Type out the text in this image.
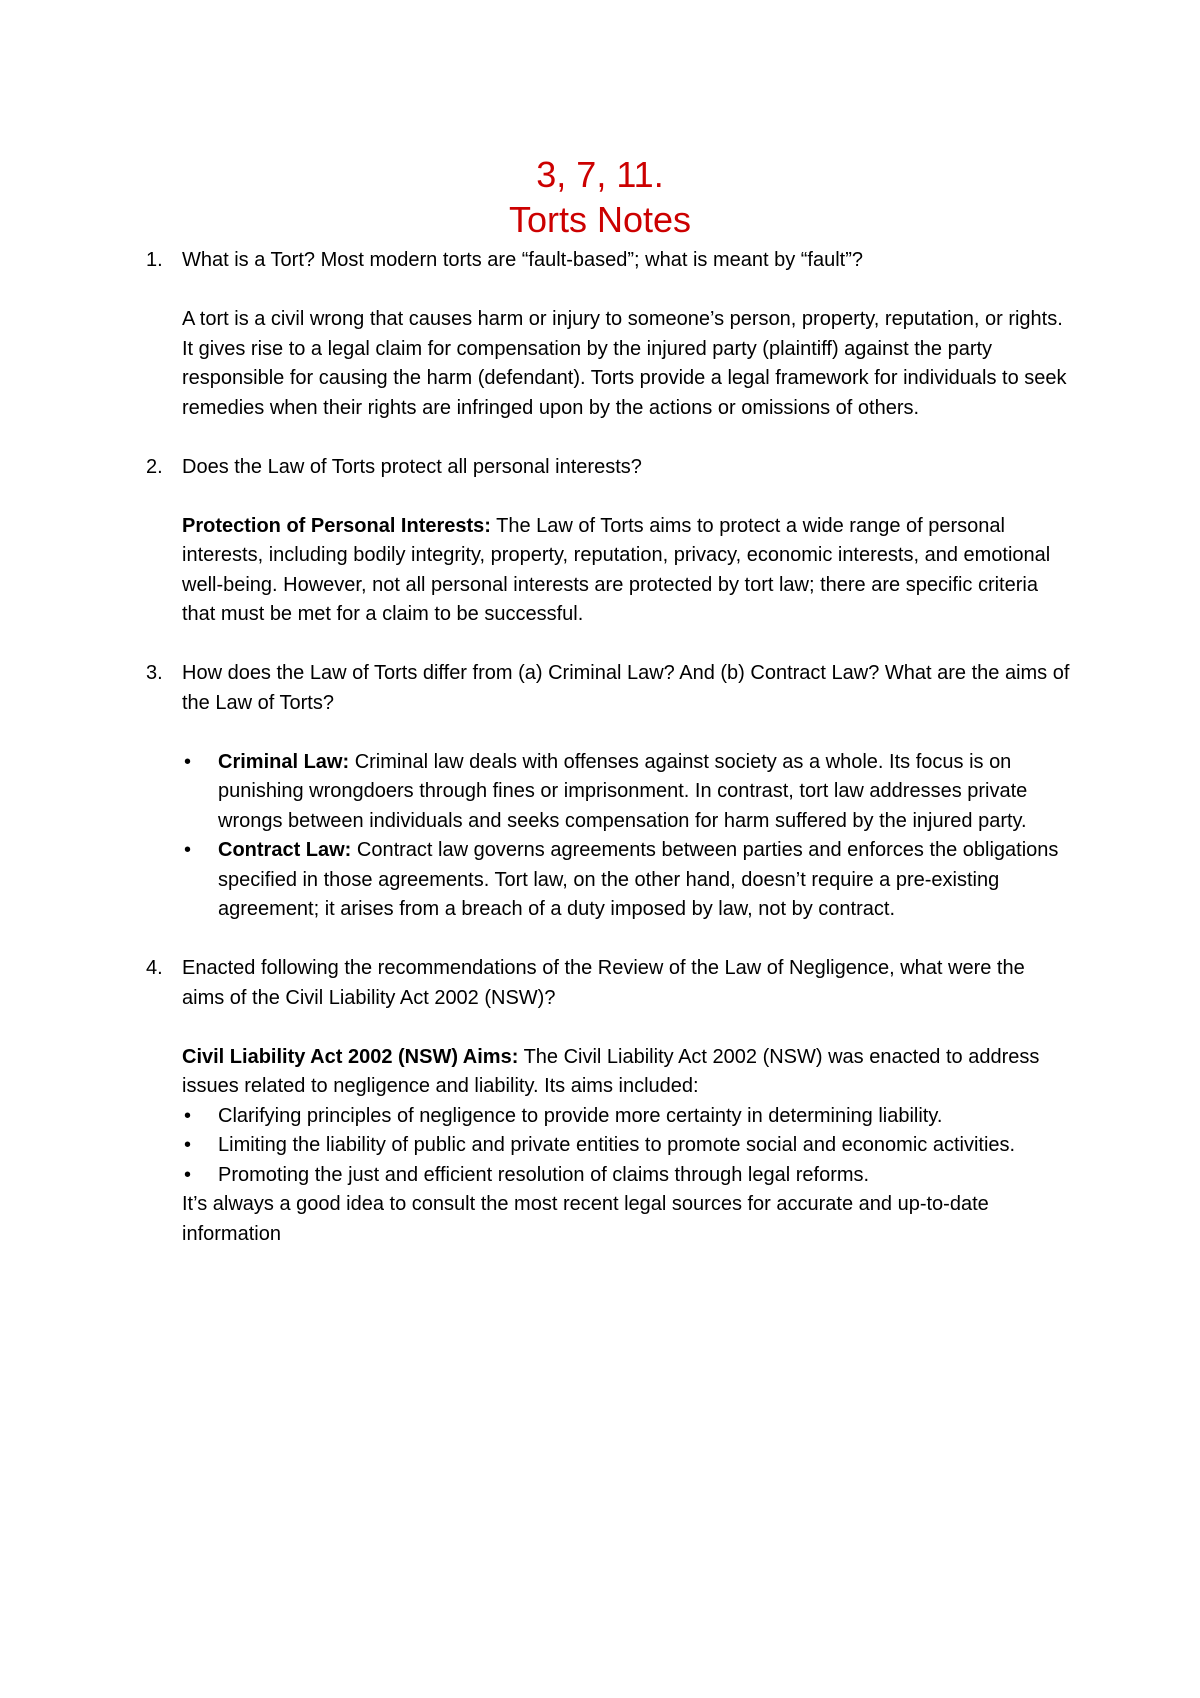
3, 7, 11.
Torts Notes
1. What is a Tort? Most modern torts are “fault-based”; what is meant by “fault”?
A tort is a civil wrong that causes harm or injury to someone’s person, property, reputation, or rights. It gives rise to a legal claim for compensation by the injured party (plaintiff) against the party responsible for causing the harm (defendant). Torts provide a legal framework for individuals to seek remedies when their rights are infringed upon by the actions or omissions of others.
2. Does the Law of Torts protect all personal interests?
Protection of Personal Interests: The Law of Torts aims to protect a wide range of personal interests, including bodily integrity, property, reputation, privacy, economic interests, and emotional well-being. However, not all personal interests are protected by tort law; there are specific criteria that must be met for a claim to be successful.
3. How does the Law of Torts differ from (a) Criminal Law? And (b) Contract Law? What are the aims of the Law of Torts?
• Criminal Law: Criminal law deals with offenses against society as a whole. Its focus is on punishing wrongdoers through fines or imprisonment. In contrast, tort law addresses private wrongs between individuals and seeks compensation for harm suffered by the injured party.
• Contract Law: Contract law governs agreements between parties and enforces the obligations specified in those agreements. Tort law, on the other hand, doesn’t require a pre-existing agreement; it arises from a breach of a duty imposed by law, not by contract.
4. Enacted following the recommendations of the Review of the Law of Negligence, what were the aims of the Civil Liability Act 2002 (NSW)?
Civil Liability Act 2002 (NSW) Aims: The Civil Liability Act 2002 (NSW) was enacted to address issues related to negligence and liability. Its aims included:
• Clarifying principles of negligence to provide more certainty in determining liability.
• Limiting the liability of public and private entities to promote social and economic activities.
• Promoting the just and efficient resolution of claims through legal reforms.
It’s always a good idea to consult the most recent legal sources for accurate and up-to-date information
